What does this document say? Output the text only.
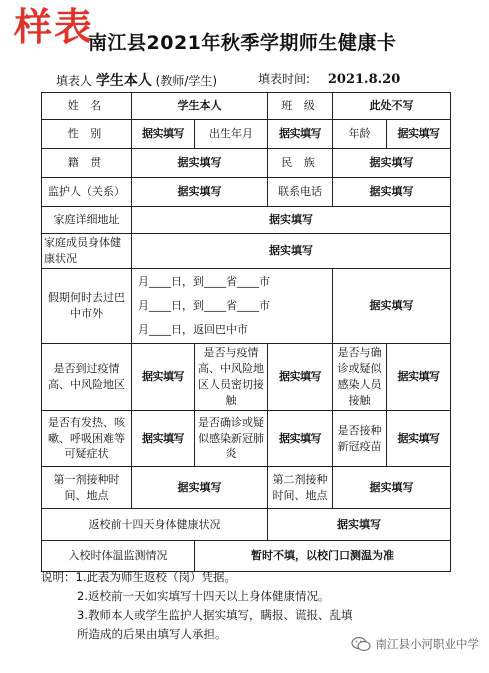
样表
南江县2021年秋季学期师生健康卡
填表人 学生本人 (教师/学生)	填表时间: 2021.8.20
姓 名	学生本人		班 级	此处不写	
性 别	据实填写	出生年月	据实填写	年龄	据实填写
籍 贯	据实填写		民 族	据实填写	
监护人（关系）	据实填写		联系电话	据实填写	
家庭详细地址	据实填写				
家庭成员身体健康状况	据实填写				
假期何时去过巴中市外	月____日，到____省____市
月____日，到____省____市
月____日，返回巴中市			据实填写	
是否到过疫情高、中风险地区	据实填写	是否与疫情高、中风险地区人员密切接触	据实填写	是否与确诊或疑似感染人员接触	据实填写
是否有发热、咳嗽、呼吸困难等可疑症状	据实填写	是否确诊或疑似感染新冠肺炎	据实填写	是否接种新冠疫苗	据实填写
第一剂接种时间、地点	据实填写		第二剂接种时间、地点	据实填写	
返校前十四天身体健康状况			据实填写		
入校时体温监测情况		暂时不填，以校门口测温为准			
说明：1.此表为师生返校（岗）凭据。
2.返校前一天如实填写十四天以上身体健康情况。
3.教师本人或学生监护人据实填写，瞒报、谎报、乱填所造成的后果由填写人承担。
南江县小河职业中学
